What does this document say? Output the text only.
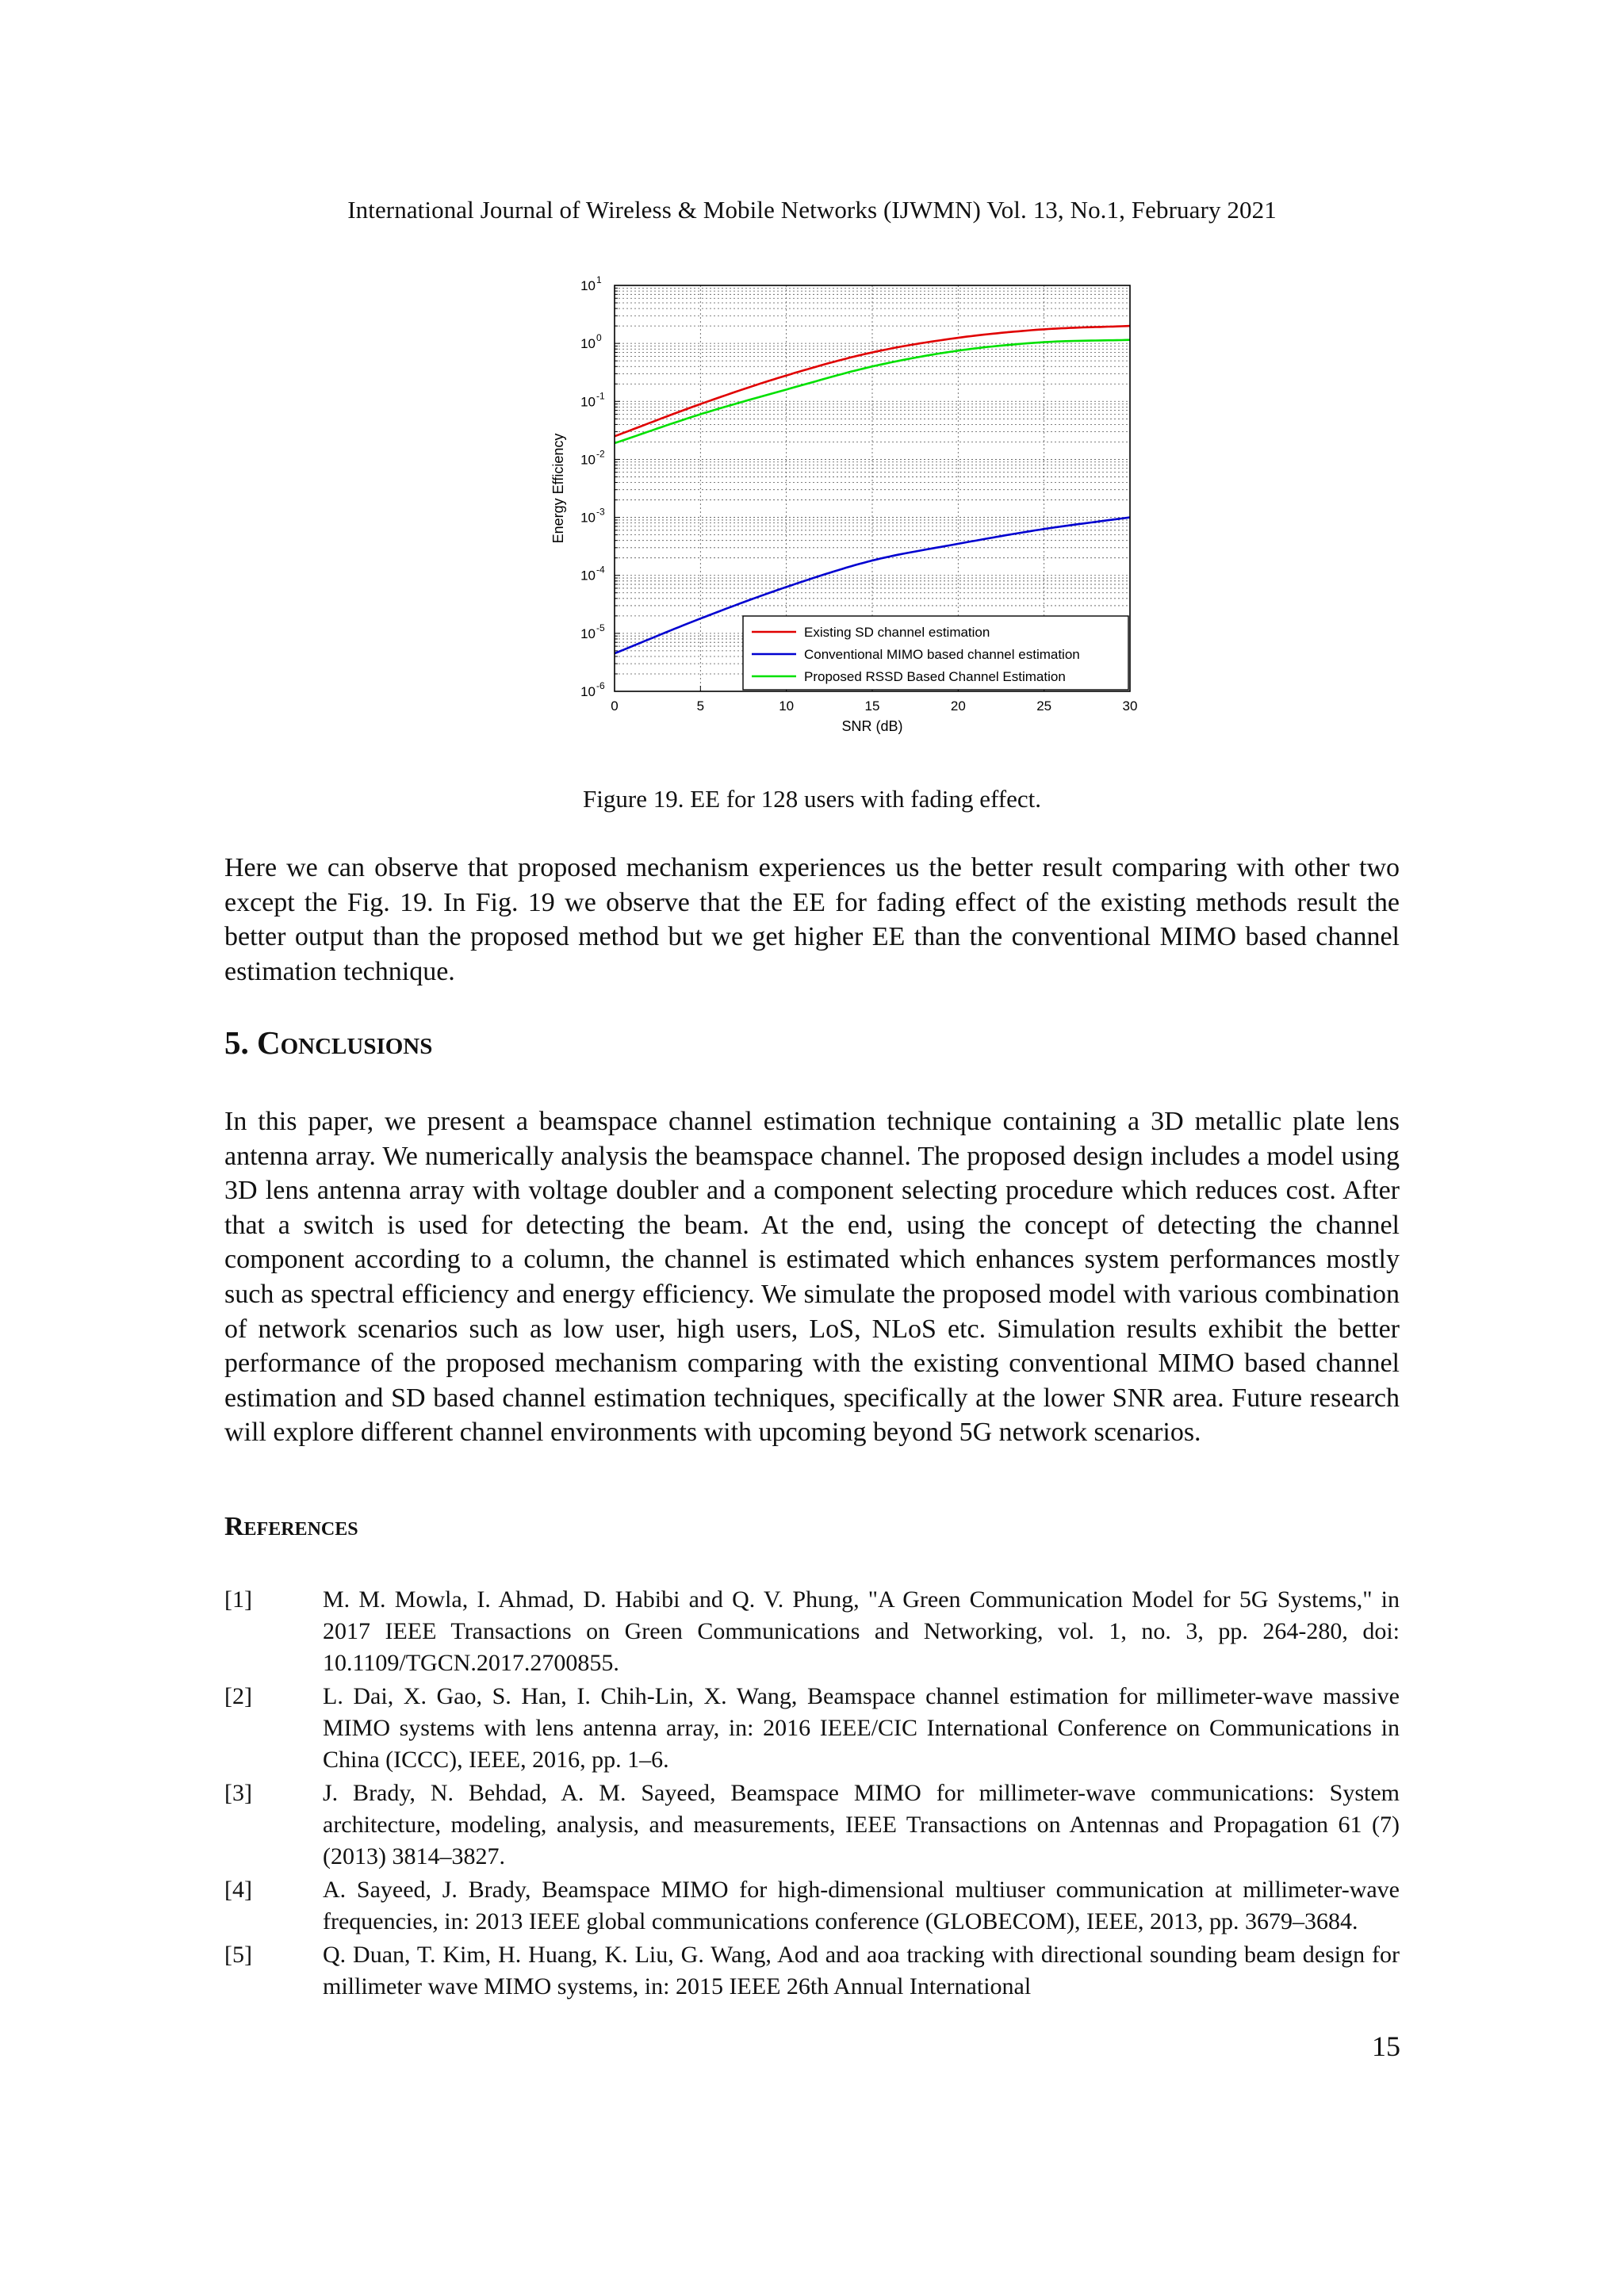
International Journal of Wireless & Mobile Networks (IJWMN) Vol. 13, No.1, February 2021
0	5	10	15	20	25	30
10 1
10 0
10 -1
10 -2
10 -3
10 -4
10 -5
10 -6
SNR (dB)
Energy Efficiency
Existing SD channel estimation
Conventional MIMO based channel estimation
Proposed RSSD Based Channel Estimation
Figure 19. EE for 128 users with fading effect.

Here we can observe that proposed mechanism experiences us the better result comparing with other two except the Fig. 19. In Fig. 19 we observe that the EE for fading effect of the existing methods result the better output than the proposed method but we get higher EE than the conventional MIMO based channel estimation technique.

5. Conclusions

In this paper, we present a beamspace channel estimation technique containing a 3D metallic plate lens antenna array. We numerically analysis the beamspace channel. The proposed design includes a model using 3D lens antenna array with voltage doubler and a component selecting procedure which reduces cost. After that a switch is used for detecting the beam. At the end, using the concept of detecting the channel component according to a column, the channel is estimated which enhances system performances mostly such as spectral efficiency and energy efficiency. We simulate the proposed model with various combination of network scenarios such as low user, high users, LoS, NLoS etc. Simulation results exhibit the better performance of the proposed mechanism comparing with the existing conventional MIMO based channel estimation and SD based channel estimation techniques, specifically at the lower SNR area. Future research will explore different channel environments with upcoming beyond 5G network scenarios.

References
[1]	M. M. Mowla, I. Ahmad, D. Habibi and Q. V. Phung, "A Green Communication Model for 5G Systems," in 2017 IEEE Transactions on Green Communications and Networking, vol. 1, no. 3, pp. 264-280, doi: 10.1109/TGCN.2017.2700855.
[2]	L. Dai, X. Gao, S. Han, I. Chih-Lin, X. Wang, Beamspace channel estimation for millimeter-wave massive MIMO systems with lens antenna array, in: 2016 IEEE/CIC International Conference on Communications in China (ICCC), IEEE, 2016, pp. 1–6.
[3]	J. Brady, N. Behdad, A. M. Sayeed, Beamspace MIMO for millimeter-wave communications: System architecture, modeling, analysis, and measurements, IEEE Transactions on Antennas and Propagation 61 (7) (2013) 3814–3827.
[4]	A. Sayeed, J. Brady, Beamspace MIMO for high-dimensional multiuser communication at millimeter-wave frequencies, in: 2013 IEEE global communications conference (GLOBECOM), IEEE, 2013, pp. 3679–3684.
[5]	Q. Duan, T. Kim, H. Huang, K. Liu, G. Wang, Aod and aoa tracking with directional sounding beam design for millimeter wave MIMO systems, in: 2015 IEEE 26th Annual International
15
